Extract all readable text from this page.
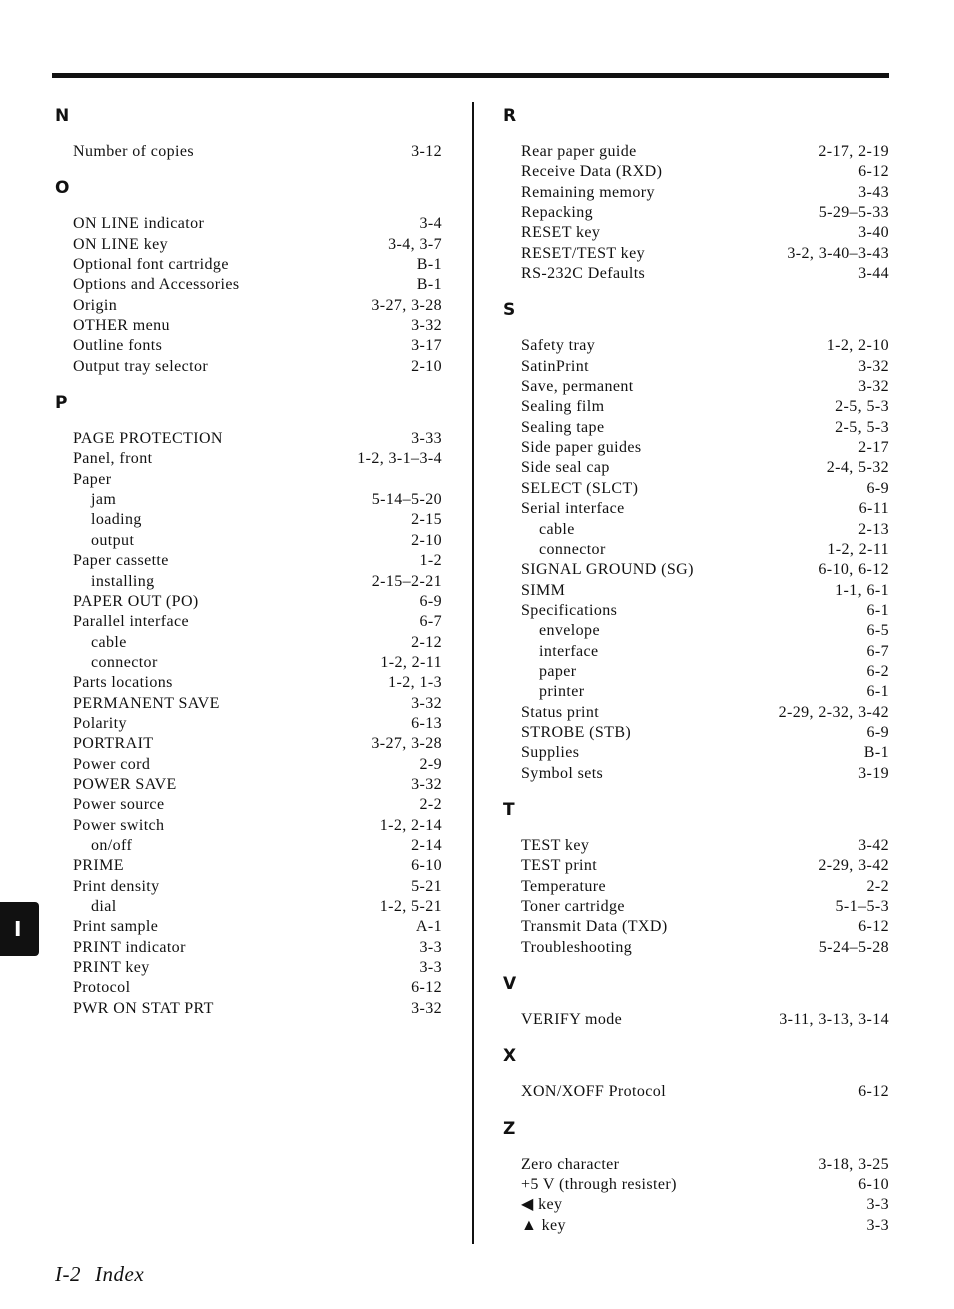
N
Number of copies	3-12
O
ON LINE indicator	3-4
ON LINE key	3-4, 3-7
Optional font cartridge	B-1
Options and Accessories	B-1
Origin	3-27, 3-28
OTHER menu	3-32
Outline fonts	3-17
Output tray selector	2-10
P
PAGE PROTECTION	3-33
Panel, front	1-2, 3-1–3-4
Paper
jam	5-14–5-20
loading	2-15
output	2-10
Paper cassette	1-2
installing	2-15–2-21
PAPER OUT (PO)	6-9
Parallel interface	6-7
cable	2-12
connector	1-2, 2-11
Parts locations	1-2, 1-3
PERMANENT SAVE	3-32
Polarity	6-13
PORTRAIT	3-27, 3-28
Power cord	2-9
POWER SAVE	3-32
Power source	2-2
Power switch	1-2, 2-14
on/off	2-14
PRIME	6-10
Print density	5-21
dial	1-2, 5-21
Print sample	A-1
PRINT indicator	3-3
PRINT key	3-3
Protocol	6-12
PWR ON STAT PRT	3-32
R
Rear paper guide	2-17, 2-19
Receive Data (RXD)	6-12
Remaining memory	3-43
Repacking	5-29–5-33
RESET key	3-40
RESET/TEST key	3-2, 3-40–3-43
RS-232C Defaults	3-44
S
Safety tray	1-2, 2-10
SatinPrint	3-32
Save, permanent	3-32
Sealing film	2-5, 5-3
Sealing tape	2-5, 5-3
Side paper guides	2-17
Side seal cap	2-4, 5-32
SELECT (SLCT)	6-9
Serial interface	6-11
cable	2-13
connector	1-2, 2-11
SIGNAL GROUND (SG)	6-10, 6-12
SIMM	1-1, 6-1
Specifications	6-1
envelope	6-5
interface	6-7
paper	6-2
printer	6-1
Status print	2-29, 2-32, 3-42
STROBE (STB)	6-9
Supplies	B-1
Symbol sets	3-19
T
TEST key	3-42
TEST print	2-29, 3-42
Temperature	2-2
Toner cartridge	5-1–5-3
Transmit Data (TXD)	6-12
Troubleshooting	5-24–5-28
V
VERIFY mode	3-11, 3-13, 3-14
X
XON/XOFF Protocol	6-12
Z
Zero character	3-18, 3-25
+5 V (through resister)	6-10
◀ key	3-3
▲ key	3-3
I
I-2 Index
